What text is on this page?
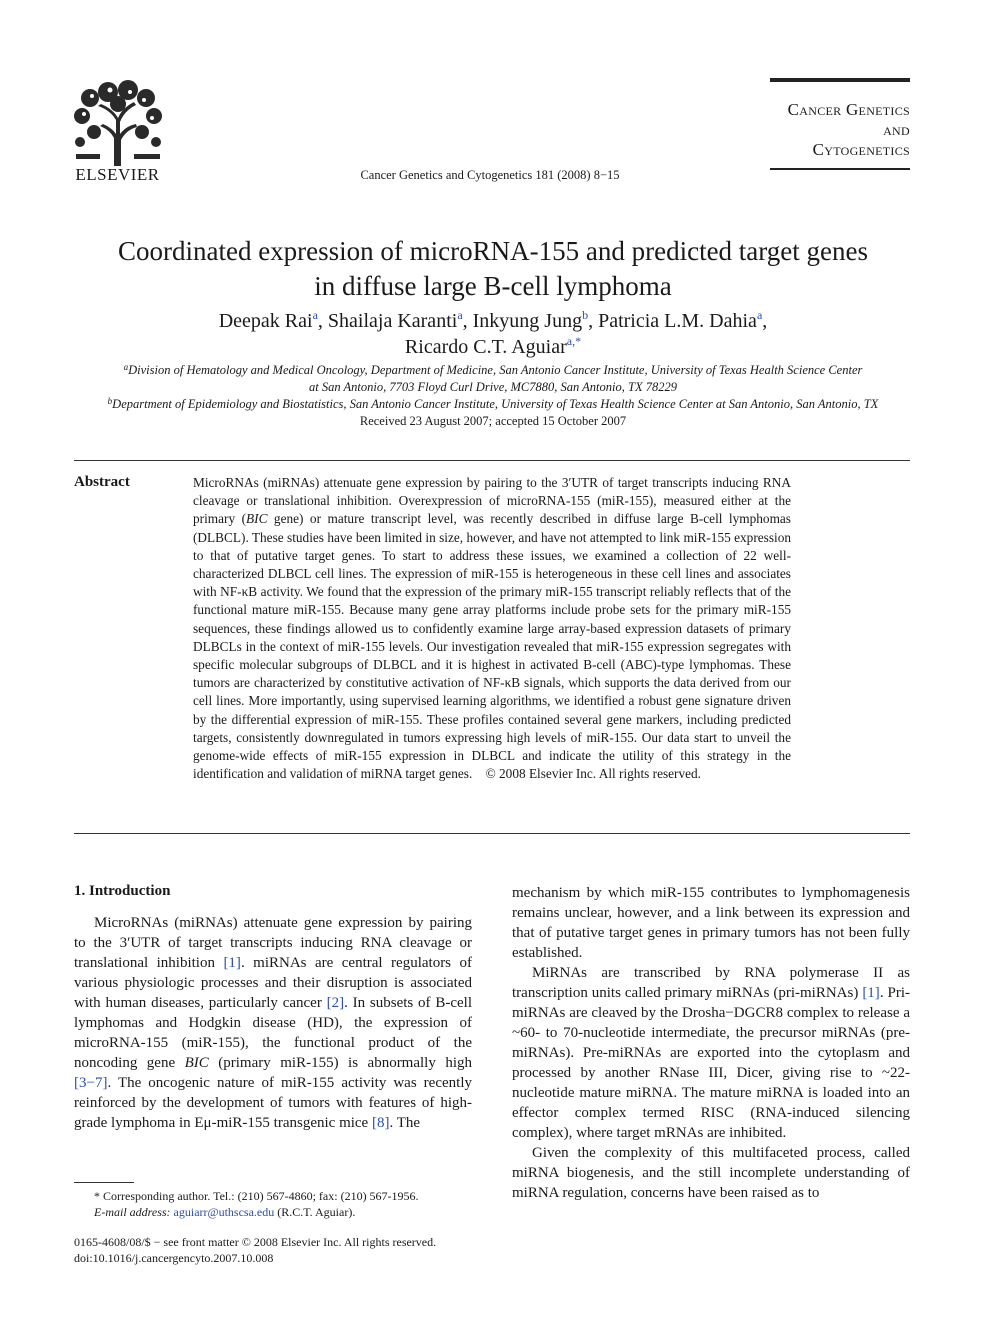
ELSEVIER	Cancer Genetics and Cytogenetics 181 (2008) 8−15
Cancer Genetics
and
Cytogenetics
Coordinated expression of microRNA-155 and predicted target genes
in diffuse large B-cell lymphoma
Deepak Rai$^a$, Shailaja Karanti$^a$, Inkyung Jung$^b$, Patricia L.M. Dahia$^a$,
Ricardo C.T. Aguiar$^{a,*}$
$^a$Division of Hematology and Medical Oncology, Department of Medicine, San Antonio Cancer Institute, University of Texas Health Science Center
at San Antonio, 7703 Floyd Curl Drive, MC7880, San Antonio, TX 78229
$^b$Department of Epidemiology and Biostatistics, San Antonio Cancer Institute, University of Texas Health Science Center at San Antonio, San Antonio, TX
Received 23 August 2007; accepted 15 October 2007
Abstract	MicroRNAs (miRNAs) attenuate gene expression by pairing to the 3′UTR of target transcripts inducing RNA cleavage or translational inhibition. Overexpression of microRNA-155 (miR-155), measured either at the primary (BIC gene) or mature transcript level, was recently described in diffuse large B-cell lymphomas (DLBCL). These studies have been limited in size, however, and have not attempted to link miR-155 expression to that of putative target genes. To start to address these issues, we examined a collection of 22 well-characterized DLBCL cell lines. The expression of miR-155 is heterogeneous in these cell lines and associates with NF-κB activity. We found that the expression of the primary miR-155 transcript reliably reflects that of the functional mature miR-155. Because many gene array platforms include probe sets for the primary miR-155 sequences, these findings allowed us to confidently examine large array-based expression datasets of primary DLBCLs in the context of miR-155 levels. Our investigation revealed that miR-155 expression segregates with specific molecular subgroups of DLBCL and it is highest in activated B-cell (ABC)-type lymphomas. These tumors are characterized by constitutive activation of NF-κB signals, which supports the data derived from our cell lines. More importantly, using supervised learning algorithms, we identified a robust gene signature driven by the differential expression of miR-155. These profiles contained several gene markers, including predicted targets, consistently downregulated in tumors expressing high levels of miR-155. Our data start to unveil the genome-wide effects of miR-155 expression in DLBCL and indicate the utility of this strategy in the identification and validation of miRNA target genes. © 2008 Elsevier Inc. All rights reserved.
1. Introduction

MicroRNAs (miRNAs) attenuate gene expression by pairing to the 3′UTR of target transcripts inducing RNA cleavage or translational inhibition [1]. miRNAs are central regulators of various physiologic processes and their disruption is associated with human diseases, particularly cancer [2]. In subsets of B-cell lymphomas and Hodgkin disease (HD), the expression of microRNA-155 (miR-155), the functional product of the noncoding gene BIC (primary miR-155) is abnormally high [3−7]. The oncogenic nature of miR-155 activity was recently reinforced by the development of tumors with features of high-grade lymphoma in Eμ-miR-155 transgenic mice [8]. The

mechanism by which miR-155 contributes to lymphomagenesis remains unclear, however, and a link between its expression and that of putative target genes in primary tumors has not been fully established.

MiRNAs are transcribed by RNA polymerase II as transcription units called primary miRNAs (pri-miRNAs) [1]. Pri-miRNAs are cleaved by the Drosha−DGCR8 complex to release a ~60- to 70-nucleotide intermediate, the precursor miRNAs (pre-miRNAs). Pre-miRNAs are exported into the cytoplasm and processed by another RNase III, Dicer, giving rise to ~22-nucleotide mature miRNA. The mature miRNA is loaded into an effector complex termed RISC (RNA-induced silencing complex), where target mRNAs are inhibited.

Given the complexity of this multifaceted process, called miRNA biogenesis, and the still incomplete understanding of miRNA regulation, concerns have been raised as to

* Corresponding author. Tel.: (210) 567-4860; fax: (210) 567-1956.
E-mail address: aguiarr@uthscsa.edu (R.C.T. Aguiar).
0165-4608/08/$ − see front matter © 2008 Elsevier Inc. All rights reserved.
doi:10.1016/j.cancergencyto.2007.10.008
